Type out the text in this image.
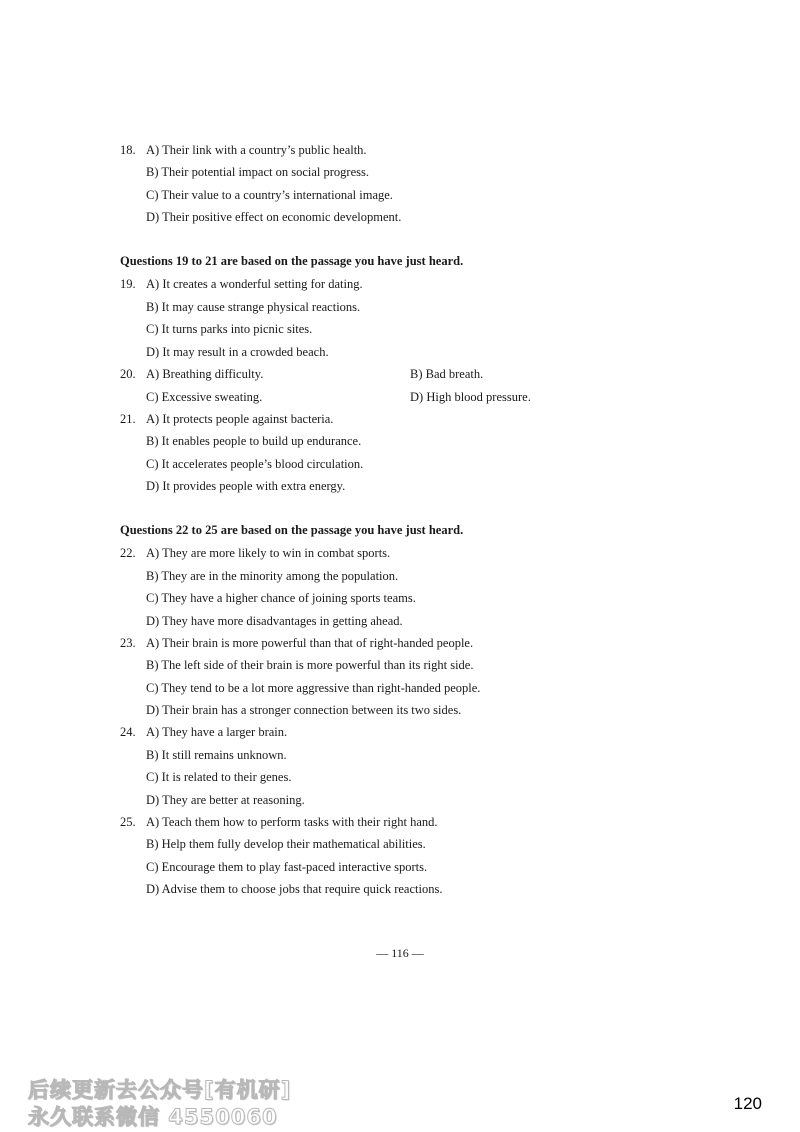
18. A) Their link with a country’s public health.
B) Their potential impact on social progress.
C) Their value to a country’s international image.
D) Their positive effect on economic development.
Questions 19 to 21 are based on the passage you have just heard.
19. A) It creates a wonderful setting for dating.
B) It may cause strange physical reactions.
C) It turns parks into picnic sites.
D) It may result in a crowded beach.
20. A) Breathing difficulty.	B) Bad breath.
C) Excessive sweating.	D) High blood pressure.
21. A) It protects people against bacteria.
B) It enables people to build up endurance.
C) It accelerates people’s blood circulation.
D) It provides people with extra energy.
Questions 22 to 25 are based on the passage you have just heard.
22. A) They are more likely to win in combat sports.
B) They are in the minority among the population.
C) They have a higher chance of joining sports teams.
D) They have more disadvantages in getting ahead.
23. A) Their brain is more powerful than that of right-handed people.
B) The left side of their brain is more powerful than its right side.
C) They tend to be a lot more aggressive than right-handed people.
D) Their brain has a stronger connection between its two sides.
24. A) They have a larger brain.
B) It still remains unknown.
C) It is related to their genes.
D) They are better at reasoning.
25. A) Teach them how to perform tasks with their right hand.
B) Help them fully develop their mathematical abilities.
C) Encourage them to play fast-paced interactive sports.
D) Advise them to choose jobs that require quick reactions.
— 116 —
后续更新去公众号[有机研]
永久联系微信 4550060
120
